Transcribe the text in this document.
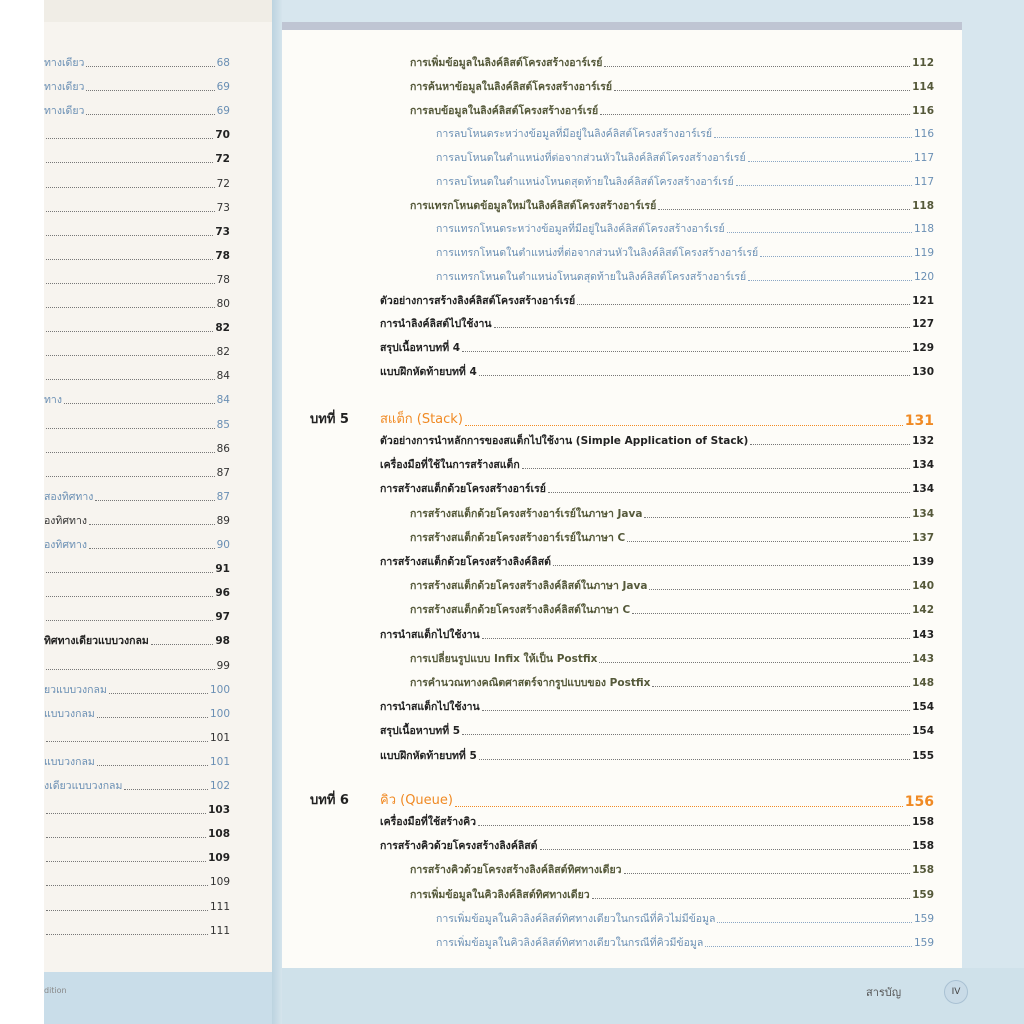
ทางเดียว	68
ทางเดียว	69
ทางเดียว	69
70
72
72
73
73
78
78
80
82
82
84
ทาง	84
85
86
87
สองทิศทาง	87
องทิศทาง	89
องทิศทาง	90
91
96
97
ทิศทางเดียวแบบวงกลม	98
99
ยวแบบวงกลม	100
แบบวงกลม	100
101
แบบวงกลม	101
งเดียวแบบวงกลม	102
103
108
109
109
111
111
การเพิ่มข้อมูลในลิงค์ลิสต์โครงสร้างอาร์เรย์	112
การค้นหาข้อมูลในลิงค์ลิสต์โครงสร้างอาร์เรย์	114
การลบข้อมูลในลิงค์ลิสต์โครงสร้างอาร์เรย์	116
การลบโหนดระหว่างข้อมูลที่มีอยู่ในลิงค์ลิสต์โครงสร้างอาร์เรย์	116
การลบโหนดในตำแหน่งที่ต่อจากส่วนหัวในลิงค์ลิสต์โครงสร้างอาร์เรย์	117
การลบโหนดในตำแหน่งโหนดสุดท้ายในลิงค์ลิสต์โครงสร้างอาร์เรย์	117
การแทรกโหนดข้อมูลใหม่ในลิงค์ลิสต์โครงสร้างอาร์เรย์	118
การแทรกโหนดระหว่างข้อมูลที่มีอยู่ในลิงค์ลิสต์โครงสร้างอาร์เรย์	118
การแทรกโหนดในตำแหน่งที่ต่อจากส่วนหัวในลิงค์ลิสต์โครงสร้างอาร์เรย์	119
การแทรกโหนดในตำแหน่งโหนดสุดท้ายในลิงค์ลิสต์โครงสร้างอาร์เรย์	120
ตัวอย่างการสร้างลิงค์ลิสต์โครงสร้างอาร์เรย์	121
การนำลิงค์ลิสต์ไปใช้งาน	127
สรุปเนื้อหาบทที่ 4	129
แบบฝึกหัดท้ายบทที่ 4	130
บทที่ 5 สแต็ก (Stack)	131
ตัวอย่างการนำหลักการของสแต็กไปใช้งาน (Simple Application of Stack)	132
เครื่องมือที่ใช้ในการสร้างสแต็ก	134
การสร้างสแต็กด้วยโครงสร้างอาร์เรย์	134
การสร้างสแต็กด้วยโครงสร้างอาร์เรย์ในภาษา Java	134
การสร้างสแต็กด้วยโครงสร้างอาร์เรย์ในภาษา C	137
การสร้างสแต็กด้วยโครงสร้างลิงค์ลิสต์	139
การสร้างสแต็กด้วยโครงสร้างลิงค์ลิสต์ในภาษา Java	140
การสร้างสแต็กด้วยโครงสร้างลิงค์ลิสต์ในภาษา C	142
การนำสแต็กไปใช้งาน	143
การเปลี่ยนรูปแบบ Infix ให้เป็น Postfix	143
การคำนวณทางคณิตศาสตร์จากรูปแบบของ Postfix	148
การนำสแต็กไปใช้งาน	154
สรุปเนื้อหาบทที่ 5	154
แบบฝึกหัดท้ายบทที่ 5	155
บทที่ 6 คิว (Queue)	156
เครื่องมือที่ใช้สร้างคิว	158
การสร้างคิวด้วยโครงสร้างลิงค์ลิสต์	158
การสร้างคิวด้วยโครงสร้างลิงค์ลิสต์ทิศทางเดียว	158
การเพิ่มข้อมูลในคิวลิงค์ลิสต์ทิศทางเดียว	159
การเพิ่มข้อมูลในคิวลิงค์ลิสต์ทิศทางเดียวในกรณีที่คิวไม่มีข้อมูล	159
การเพิ่มข้อมูลในคิวลิงค์ลิสต์ทิศทางเดียวในกรณีที่คิวมีข้อมูล	159
dition	สารบัญ	IV
